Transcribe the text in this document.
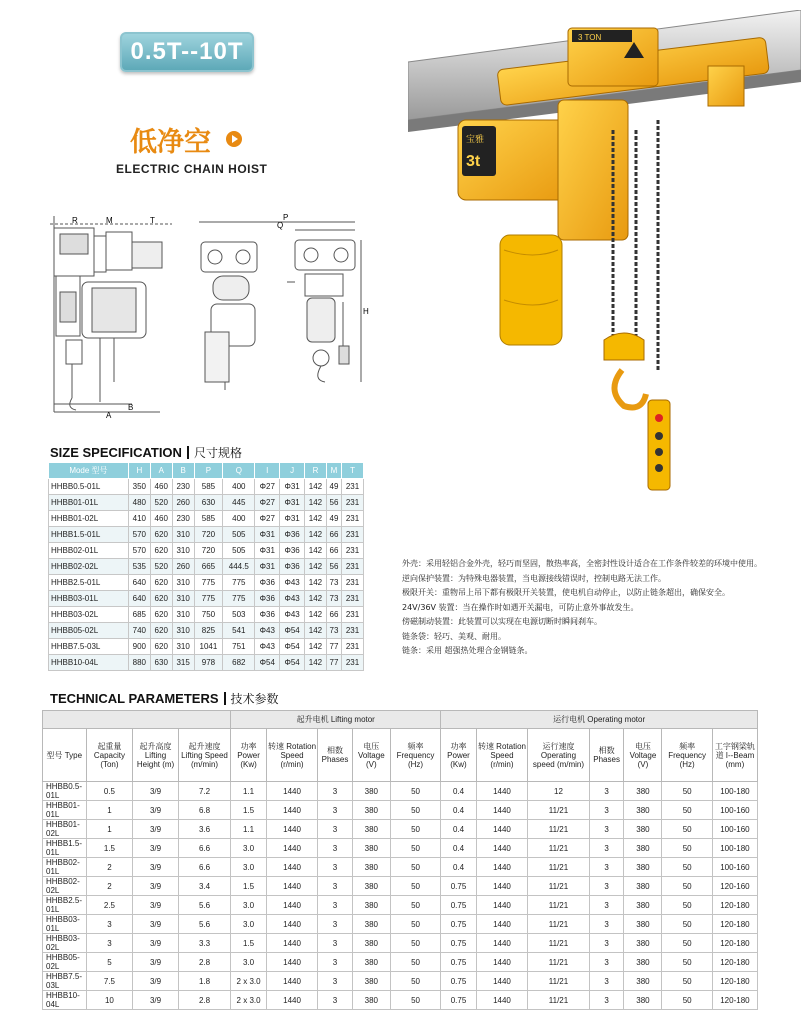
0.5T--10T
低净空
ELECTRIC CHAIN HOIST
R	M	T
A
B
P
Q
H
3 TON
宝雅
3t
SIZE SPECIFICATION 尺寸规格
Mode 型号	H	A	B	P	Q	I	J	R	M	T
HHBB0.5-01L	350	460	230	585	400	Φ27	Φ31	142	49	231
HHBB01-01L	480	520	260	630	445	Φ27	Φ31	142	56	231
HHBB01-02L	410	460	230	585	400	Φ27	Φ31	142	49	231
HHBB1.5-01L	570	620	310	720	505	Φ31	Φ36	142	66	231
HHBB02-01L	570	620	310	720	505	Φ31	Φ36	142	66	231
HHBB02-02L	535	520	260	665	444.5	Φ31	Φ36	142	56	231
HHBB2.5-01L	640	620	310	775	775	Φ36	Φ43	142	73	231
HHBB03-01L	640	620	310	775	775	Φ36	Φ43	142	73	231
HHBB03-02L	685	620	310	750	503	Φ36	Φ43	142	66	231
HHBB05-02L	740	620	310	825	541	Φ43	Φ54	142	73	231
HHBB7.5-03L	900	620	310	1041	751	Φ43	Φ54	142	77	231
HHBB10-04L	880	630	315	978	682	Φ54	Φ54	142	77	231

外壳：采用轻铝合金外壳，轻巧而坚固，散热率高，全密封性设计适合在工作条件较差的环境中使用。

逆向保护装置：为特殊电器装置，当电源接线错误时，控制电路无法工作。

极限开关：重物吊上吊下都有极限开关装置，使电机自动停止，以防止链条超出，确保安全。

24V/36V 装置：当在操作时如遇开关漏电，可防止意外事故发生。

傍磁制动装置：此装置可以实现在电源切断时瞬间刹车。

链条袋：轻巧、美观、耐用。

链条：采用 超强热处理合金钢链条。

TECHNICAL PARAMETERS 技术参数
				起升电机 Lifting motor					运行电机 Operating motor						
型号 Type	起重量 Capacity (Ton)	起升高度 Lifting Height (m)	起升速度 Lifting Speed (m/min)	功率 Power (Kw)	转速 Rotation Speed (r/min)	相数 Phases	电压 Voltage (V)	频率 Frequency (Hz)	功率 Power (Kw)	转速 Rotation Speed (r/min)	运行速度 Operating speed (m/min)	相数 Phases	电压 Voltage (V)	频率 Frequency (Hz)	工字钢梁轨道 I--Beam (mm)
HHBB0.5-01L	0.5	3/9	7.2	1.1	1440	3	380	50	0.4	1440	12	3	380	50	100-180
HHBB01-01L	1	3/9	6.8	1.5	1440	3	380	50	0.4	1440	11/21	3	380	50	100-160
HHBB01-02L	1	3/9	3.6	1.1	1440	3	380	50	0.4	1440	11/21	3	380	50	100-160
HHBB1.5-01L	1.5	3/9	6.6	3.0	1440	3	380	50	0.4	1440	11/21	3	380	50	100-180
HHBB02-01L	2	3/9	6.6	3.0	1440	3	380	50	0.4	1440	11/21	3	380	50	100-160
HHBB02-02L	2	3/9	3.4	1.5	1440	3	380	50	0.75	1440	11/21	3	380	50	120-160
HHBB2.5-01L	2.5	3/9	5.6	3.0	1440	3	380	50	0.75	1440	11/21	3	380	50	120-180
HHBB03-01L	3	3/9	5.6	3.0	1440	3	380	50	0.75	1440	11/21	3	380	50	120-180
HHBB03-02L	3	3/9	3.3	1.5	1440	3	380	50	0.75	1440	11/21	3	380	50	120-180
HHBB05-02L	5	3/9	2.8	3.0	1440	3	380	50	0.75	1440	11/21	3	380	50	120-180
HHBB7.5-03L	7.5	3/9	1.8	2 x 3.0	1440	3	380	50	0.75	1440	11/21	3	380	50	120-180
HHBB10-04L	10	3/9	2.8	2 x 3.0	1440	3	380	50	0.75	1440	11/21	3	380	50	120-180
